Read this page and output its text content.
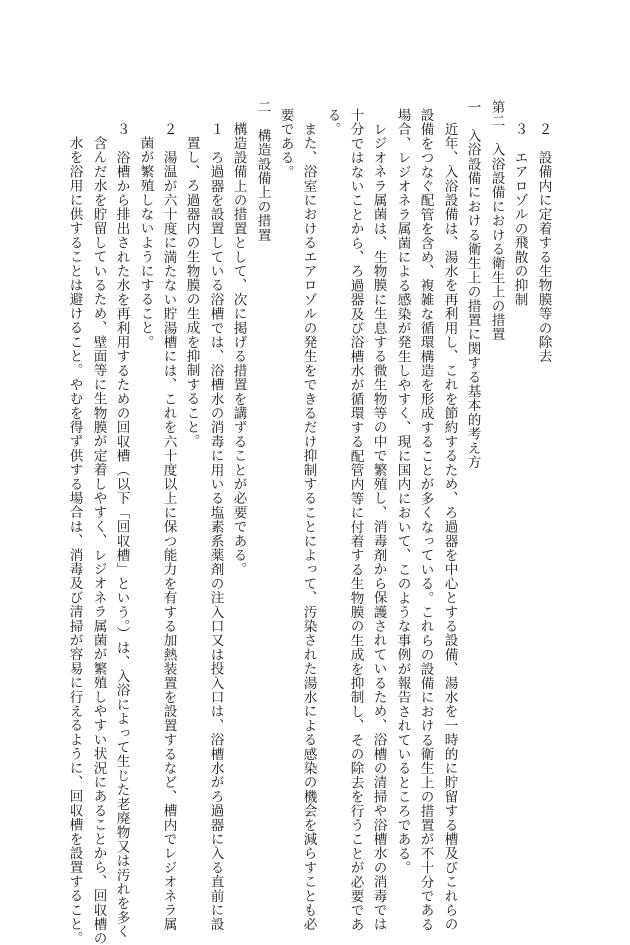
２　設備内に定着する生物膜等の除去
３　エアロゾルの飛散の抑制
第二　入浴設備における衛生上の措置
一　入浴設備における衛生上の措置に関する基本的考え方
近年、入浴設備は、湯水を再利用し、これを節約するため、ろ過器を中心とする設備、湯水を一時的に貯留する槽及びこれらの
設備をつなぐ配管を含め、複雑な循環構造を形成することが多くなっている。これらの設備における衛生上の措置が不十分である
場合、レジオネラ属菌による感染が発生しやすく、現に国内において、このような事例が報告されているところである。
レジオネラ属菌は、生物膜に生息する微生物等の中で繁殖し、消毒剤から保護されているため、浴槽の清掃や浴槽水の消毒では
十分ではないことから、ろ過器及び浴槽水が循環する配管内等に付着する生物膜の生成を抑制し、その除去を行うことが必要であ
る。
また、浴室におけるエアロゾルの発生をできるだけ抑制することによって、汚染された湯水による感染の機会を減らすことも必
要である。
二　構造設備上の措置
構造設備上の措置として、次に掲げる措置を講ずることが必要である。
１　ろ過器を設置している浴槽では、浴槽水の消毒に用いる塩素系薬剤の注入口又は投入口は、浴槽水がろ過器に入る直前に設
置し、ろ過器内の生物膜の生成を抑制すること。
２　湯温が六十度に満たない貯湯槽には、これを六十度以上に保つ能力を有する加熱装置を設置するなど、槽内でレジオネラ属
菌が繁殖しないようにすること。
３　浴槽から排出された水を再利用するための回収槽（以下「回収槽」という。）は、入浴によって生じた老廃物又は汚れを多く
含んだ水を貯留しているため、壁面等に生物膜が定着しやすく、レジオネラ属菌が繁殖しやすい状況にあることから、回収槽の
水を浴用に供することは避けること。やむを得ず供する場合は、消毒及び清掃が容易に行えるように、回収槽を設置すること。
